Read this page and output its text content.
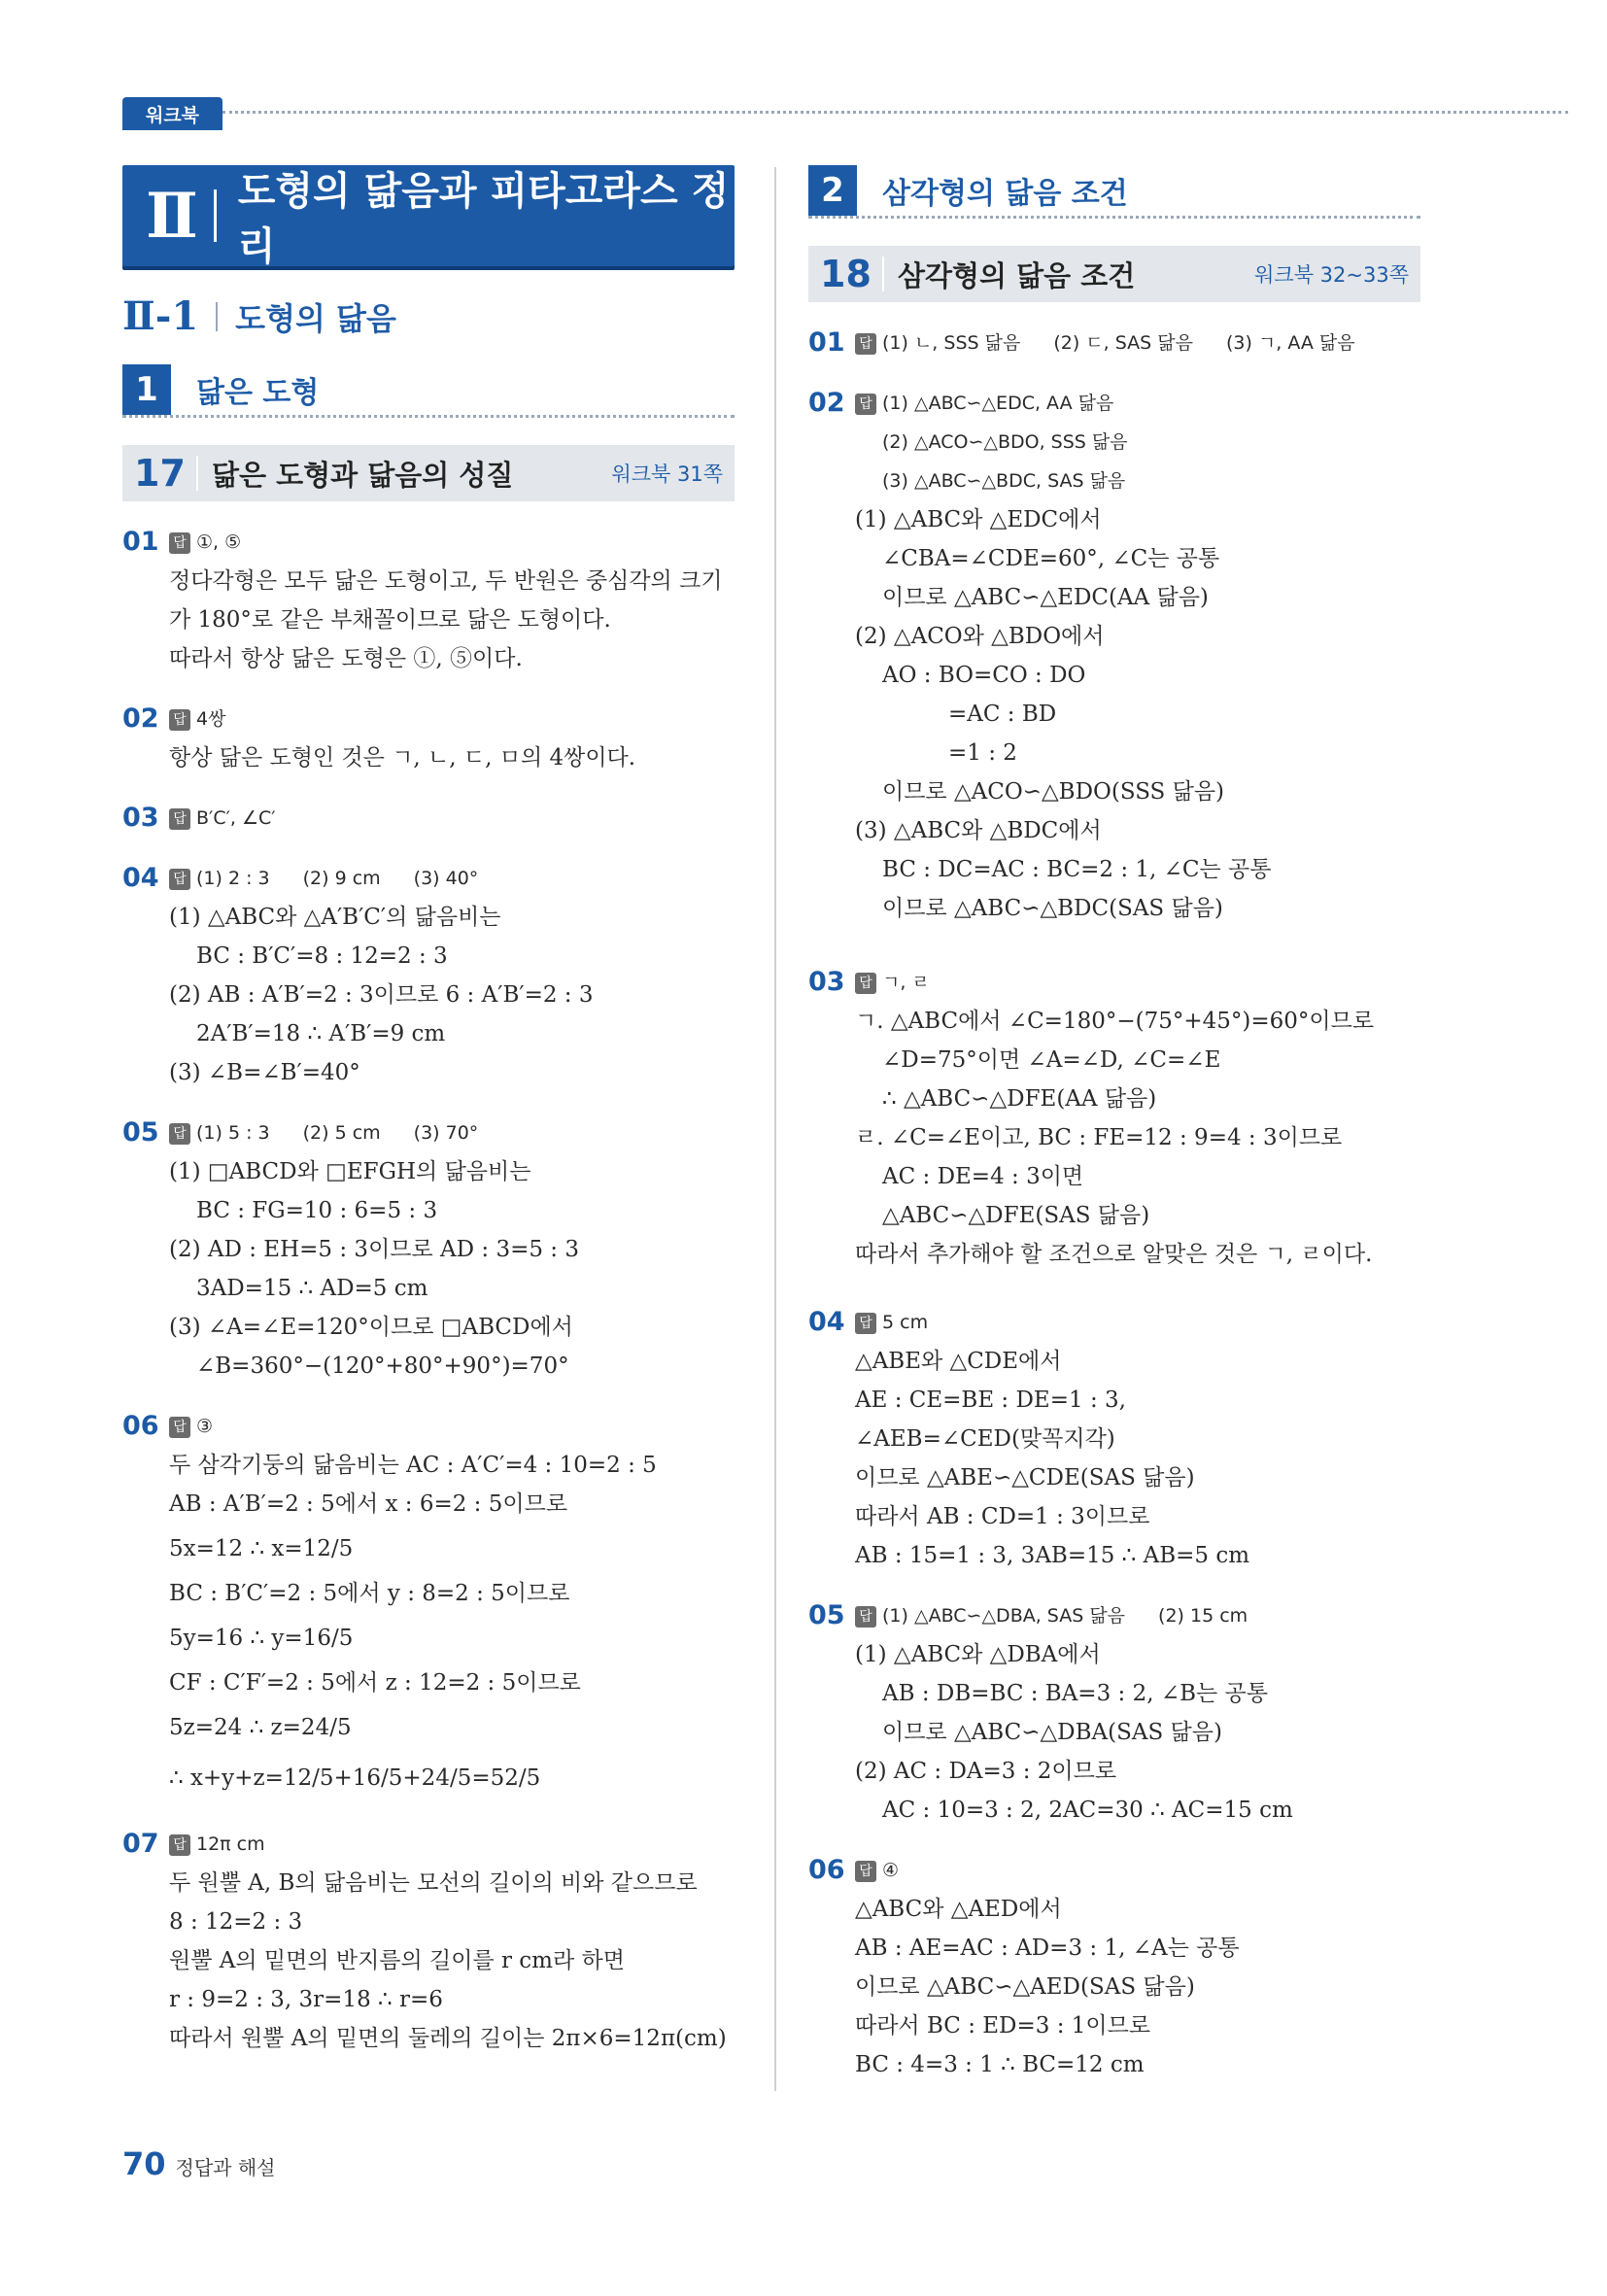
워크북
Ⅱ 도형의 닮음과 피타고라스 정리
Ⅱ-1 도형의 닮음
1	닮은 도형
17 닮은 도형과 닮음의 성질	워크북 31쪽
01	답 ①, ⑤
정다각형은 모두 닮은 도형이고, 두 반원은 중심각의 크기
가 180°로 같은 부채꼴이므로 닮은 도형이다.
따라서 항상 닮은 도형은 ①, ⑤이다.
02	답 4쌍
항상 닮은 도형인 것은 ㄱ, ㄴ, ㄷ, ㅁ의 4쌍이다.
03	답 B′C′, ∠C′
04	답 (1) 2 : 3 (2) 9 cm (3) 40°
(1) △ABC와 △A′B′C′의 닮음비는
BC : B′C′=8 : 12=2 : 3
(2) AB : A′B′=2 : 3이므로 6 : A′B′=2 : 3
2A′B′=18 ∴ A′B′=9 cm
(3) ∠B=∠B′=40°
05	답 (1) 5 : 3 (2) 5 cm (3) 70°
(1) □ABCD와 □EFGH의 닮음비는
BC : FG=10 : 6=5 : 3
(2) AD : EH=5 : 3이므로 AD : 3=5 : 3
3AD=15 ∴ AD=5 cm
(3) ∠A=∠E=120°이므로 □ABCD에서
∠B=360°−(120°+80°+90°)=70°
06	답 ③
두 삼각기둥의 닮음비는 AC : A′C′=4 : 10=2 : 5
AB : A′B′=2 : 5에서 x : 6=2 : 5이므로
5x=12 ∴ x=12/5
BC : B′C′=2 : 5에서 y : 8=2 : 5이므로
5y=16 ∴ y=16/5
CF : C′F′=2 : 5에서 z : 12=2 : 5이므로
5z=24 ∴ z=24/5
∴ x+y+z=12/5+16/5+24/5=52/5
07	답 12π cm
두 원뿔 A, B의 닮음비는 모선의 길이의 비와 같으므로
8 : 12=2 : 3
원뿔 A의 밑면의 반지름의 길이를 r cm라 하면
r : 9=2 : 3, 3r=18 ∴ r=6
따라서 원뿔 A의 밑면의 둘레의 길이는 2π×6=12π(cm)
2	삼각형의 닮음 조건
18 삼각형의 닮음 조건	워크북 32~33쪽
01	답 (1) ㄴ, SSS 닮음 (2) ㄷ, SAS 닮음 (3) ㄱ, AA 닮음
02	답 (1) △ABC∽△EDC, AA 닮음
(2) △ACO∽△BDO, SSS 닮음
(3) △ABC∽△BDC, SAS 닮음
(1) △ABC와 △EDC에서
∠CBA=∠CDE=60°, ∠C는 공통
이므로 △ABC∽△EDC(AA 닮음)
(2) △ACO와 △BDO에서
AO : BO=CO : DO
=AC : BD
=1 : 2
이므로 △ACO∽△BDO(SSS 닮음)
(3) △ABC와 △BDC에서
BC : DC=AC : BC=2 : 1, ∠C는 공통
이므로 △ABC∽△BDC(SAS 닮음)
03	답 ㄱ, ㄹ
ㄱ. △ABC에서 ∠C=180°−(75°+45°)=60°이므로
∠D=75°이면 ∠A=∠D, ∠C=∠E
∴ △ABC∽△DFE(AA 닮음)
ㄹ. ∠C=∠E이고, BC : FE=12 : 9=4 : 3이므로
AC : DE=4 : 3이면
△ABC∽△DFE(SAS 닮음)
따라서 추가해야 할 조건으로 알맞은 것은 ㄱ, ㄹ이다.
04	답 5 cm
△ABE와 △CDE에서
AE : CE=BE : DE=1 : 3,
∠AEB=∠CED(맞꼭지각)
이므로 △ABE∽△CDE(SAS 닮음)
따라서 AB : CD=1 : 3이므로
AB : 15=1 : 3, 3AB=15 ∴ AB=5 cm
05	답 (1) △ABC∽△DBA, SAS 닮음 (2) 15 cm
(1) △ABC와 △DBA에서
AB : DB=BC : BA=3 : 2, ∠B는 공통
이므로 △ABC∽△DBA(SAS 닮음)
(2) AC : DA=3 : 2이므로
AC : 10=3 : 2, 2AC=30 ∴ AC=15 cm
06	답 ④
△ABC와 △AED에서
AB : AE=AC : AD=3 : 1, ∠A는 공통
이므로 △ABC∽△AED(SAS 닮음)
따라서 BC : ED=3 : 1이므로
BC : 4=3 : 1 ∴ BC=12 cm
70 정답과 해설
